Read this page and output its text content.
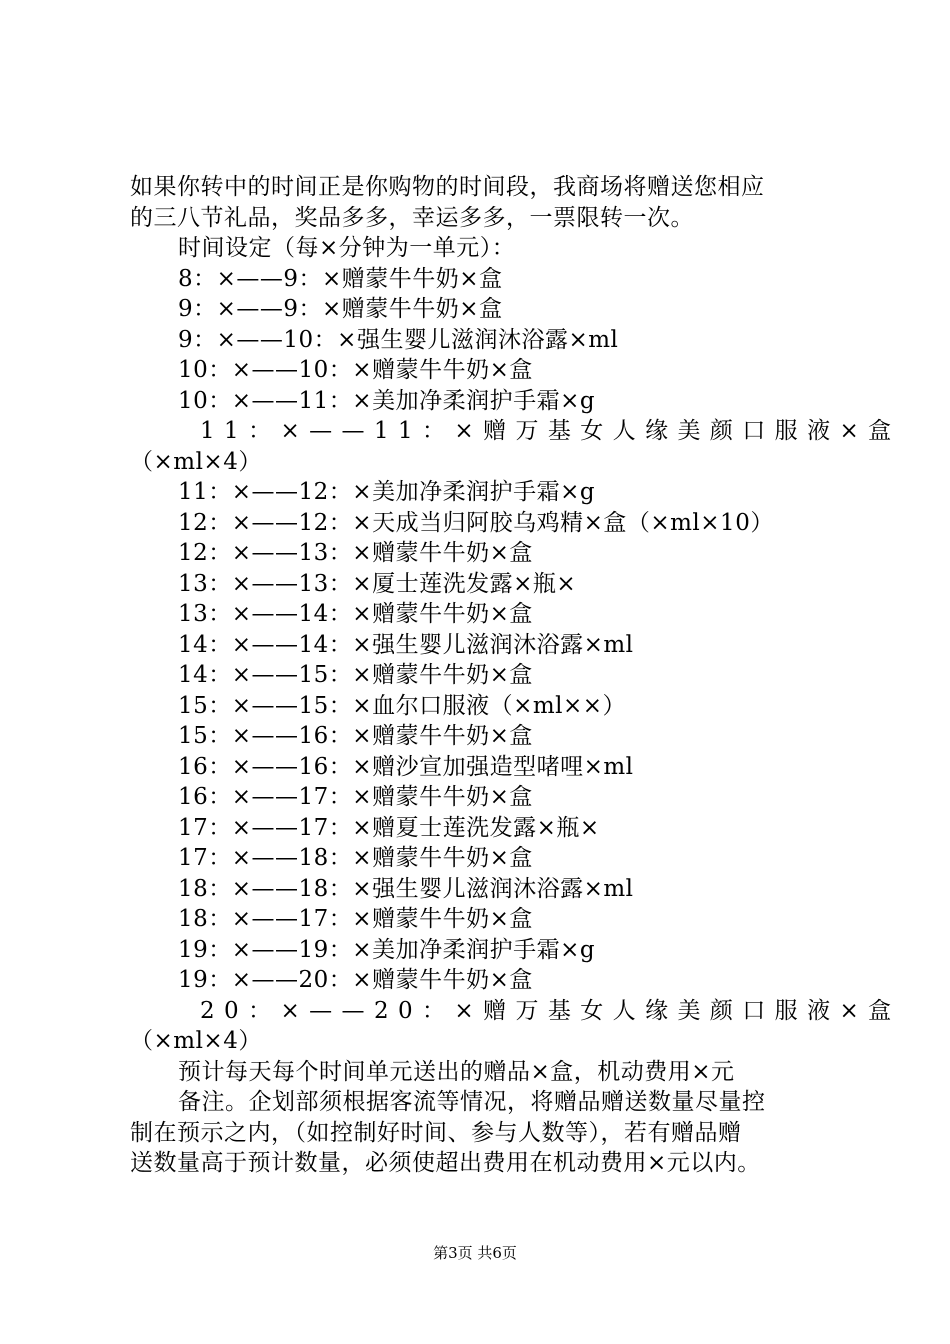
如果你转中的时间正是你购物的时间段，我商场将赠送您相应
的三八节礼品，奖品多多，幸运多多，一票限转一次。
时间设定（每×分钟为一单元）：
8：×——9：×赠蒙牛牛奶×盒
9：×——9：×赠蒙牛牛奶×盒
9：×——10：×强生婴儿滋润沐浴露×ml
10：×——10：×赠蒙牛牛奶×盒
10：×——11：×美加净柔润护手霜×g
11：×——11：×赠万基女人缘美颜口服液×盒
（×ml×4）
11：×——12：×美加净柔润护手霜×g
12：×——12：×天成当归阿胶乌鸡精×盒（×ml×10）
12：×——13：×赠蒙牛牛奶×盒
13：×——13：×厦士莲洗发露×瓶×
13：×——14：×赠蒙牛牛奶×盒
14：×——14：×强生婴儿滋润沐浴露×ml
14：×——15：×赠蒙牛牛奶×盒
15：×——15：×血尔口服液（×ml××）
15：×——16：×赠蒙牛牛奶×盒
16：×——16：×赠沙宣加强造型啫哩×ml
16：×——17：×赠蒙牛牛奶×盒
17：×——17：×赠夏士莲洗发露×瓶×
17：×——18：×赠蒙牛牛奶×盒
18：×——18：×强生婴儿滋润沐浴露×ml
18：×——17：×赠蒙牛牛奶×盒
19：×——19：×美加净柔润护手霜×g
19：×——20：×赠蒙牛牛奶×盒
20：×——20：×赠万基女人缘美颜口服液×盒
（×ml×4）
预计每天每个时间单元送出的赠品×盒，机动费用×元
备注。企划部须根据客流等情况，将赠品赠送数量尽量控
制在预示之内，（如控制好时间、参与人数等），若有赠品赠
送数量高于预计数量，必须使超出费用在机动费用×元以内。
第3页 共6页
